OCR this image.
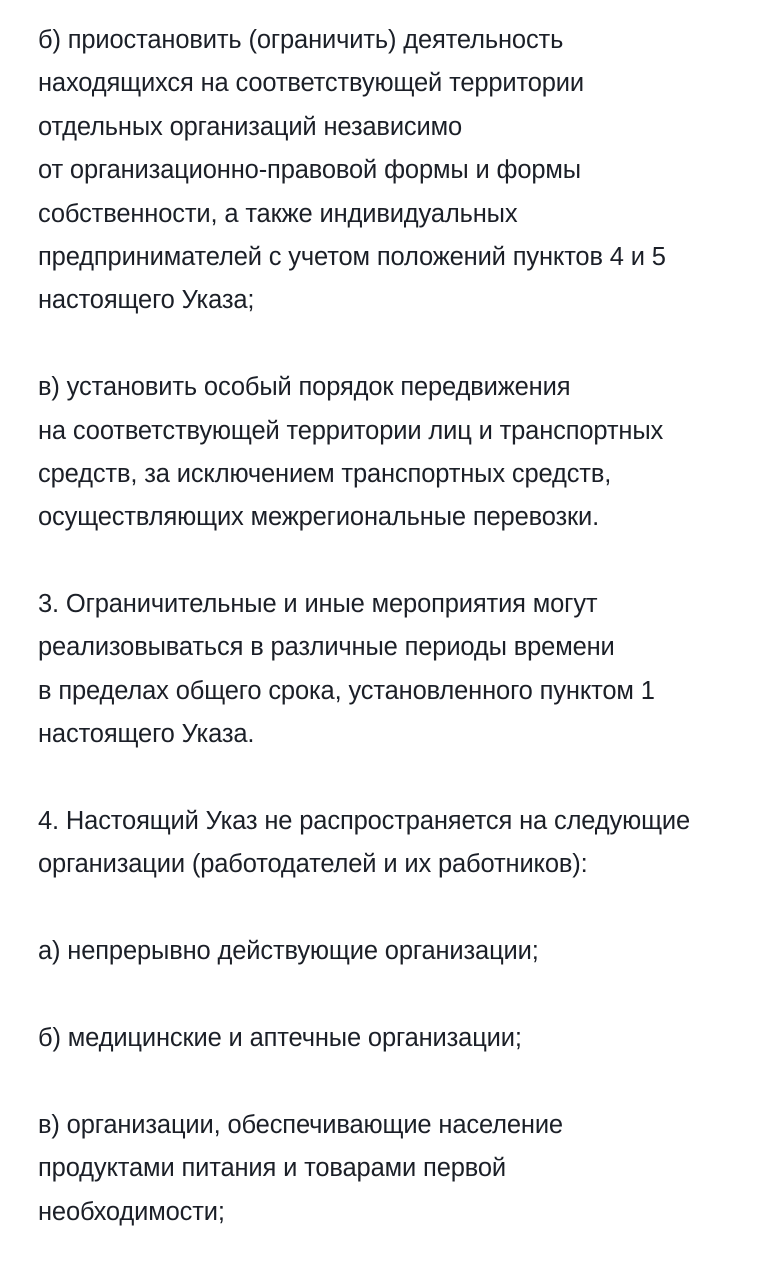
б) приостановить (ограничить) деятельность
находящихся на соответствующей территории
отдельных организаций независимо
от организационно-правовой формы и формы
собственности, а также индивидуальных
предпринимателей с учетом положений пунктов 4 и 5
настоящего Указа;
в) установить особый порядок передвижения
на соответствующей территории лиц и транспортных
средств, за исключением транспортных средств,
осуществляющих межрегиональные перевозки.
3. Ограничительные и иные мероприятия могут
реализовываться в различные периоды времени
в пределах общего срока, установленного пунктом 1
настоящего Указа.
4. Настоящий Указ не распространяется на следующие
организации (работодателей и их работников):
а) непрерывно действующие организации;
б) медицинские и аптечные организации;
в) организации, обеспечивающие население
продуктами питания и товарами первой
необходимости;
